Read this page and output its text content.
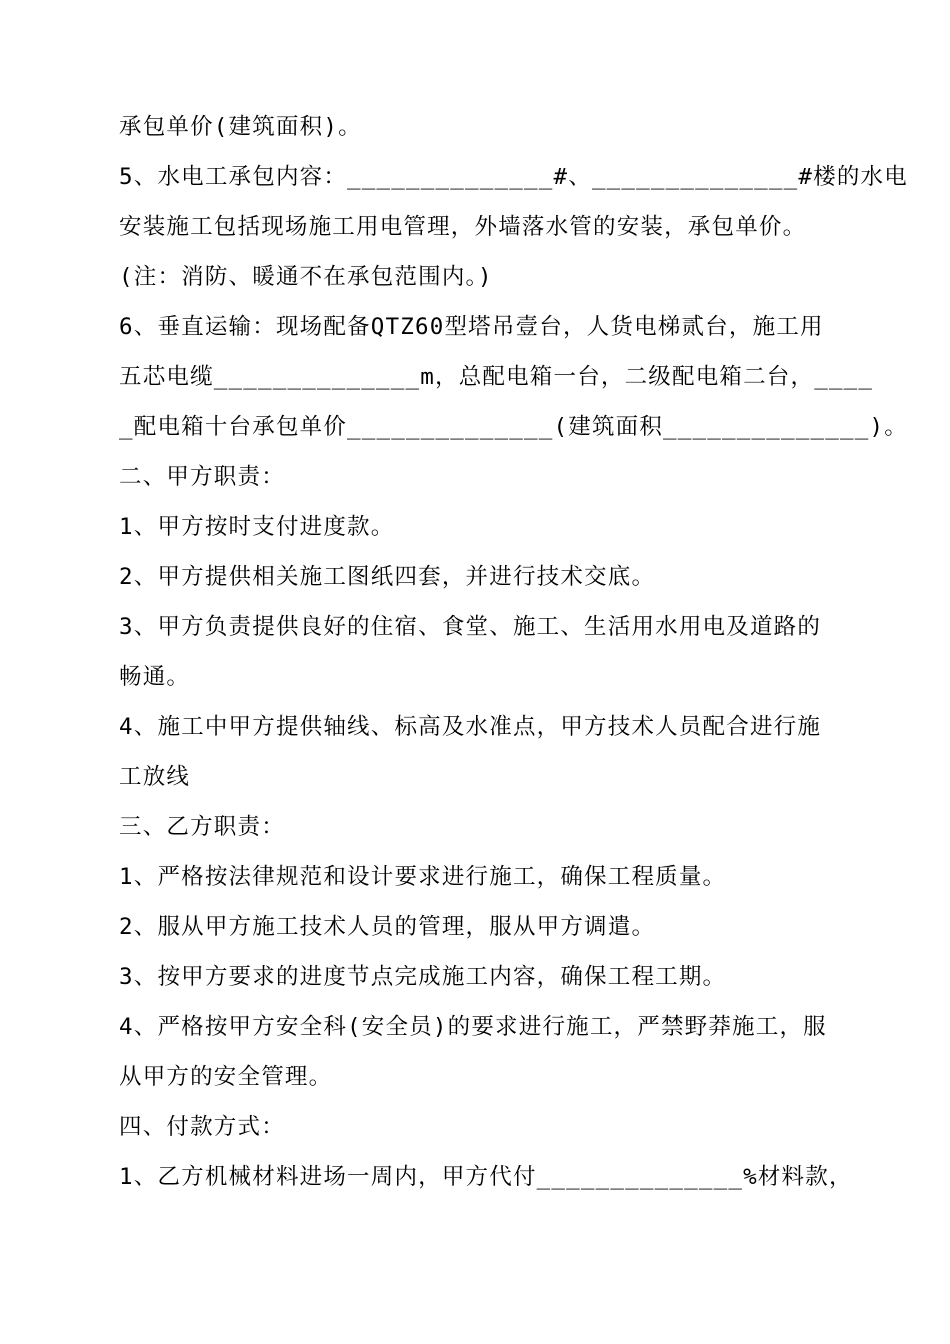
承包单价(建筑面积)。
5、水电工承包内容：______________#、______________#楼的水电
安装施工包括现场施工用电管理，外墙落水管的安装，承包单价。
(注：消防、暖通不在承包范围内。)
6、垂直运输：现场配备QTZ60型塔吊壹台，人货电梯贰台，施工用
五芯电缆______________m，总配电箱一台，二级配电箱二台，____
_配电箱十台承包单价______________(建筑面积______________)。
二、甲方职责：
1、甲方按时支付进度款。
2、甲方提供相关施工图纸四套，并进行技术交底。
3、甲方负责提供良好的住宿、食堂、施工、生活用水用电及道路的
畅通。
4、施工中甲方提供轴线、标高及水准点，甲方技术人员配合进行施
工放线
三、乙方职责：
1、严格按法律规范和设计要求进行施工，确保工程质量。
2、服从甲方施工技术人员的管理，服从甲方调遣。
3、按甲方要求的进度节点完成施工内容，确保工程工期。
4、严格按甲方安全科(安全员)的要求进行施工，严禁野莽施工，服
从甲方的安全管理。
四、付款方式：
1、乙方机械材料进场一周内，甲方代付______________%材料款，
